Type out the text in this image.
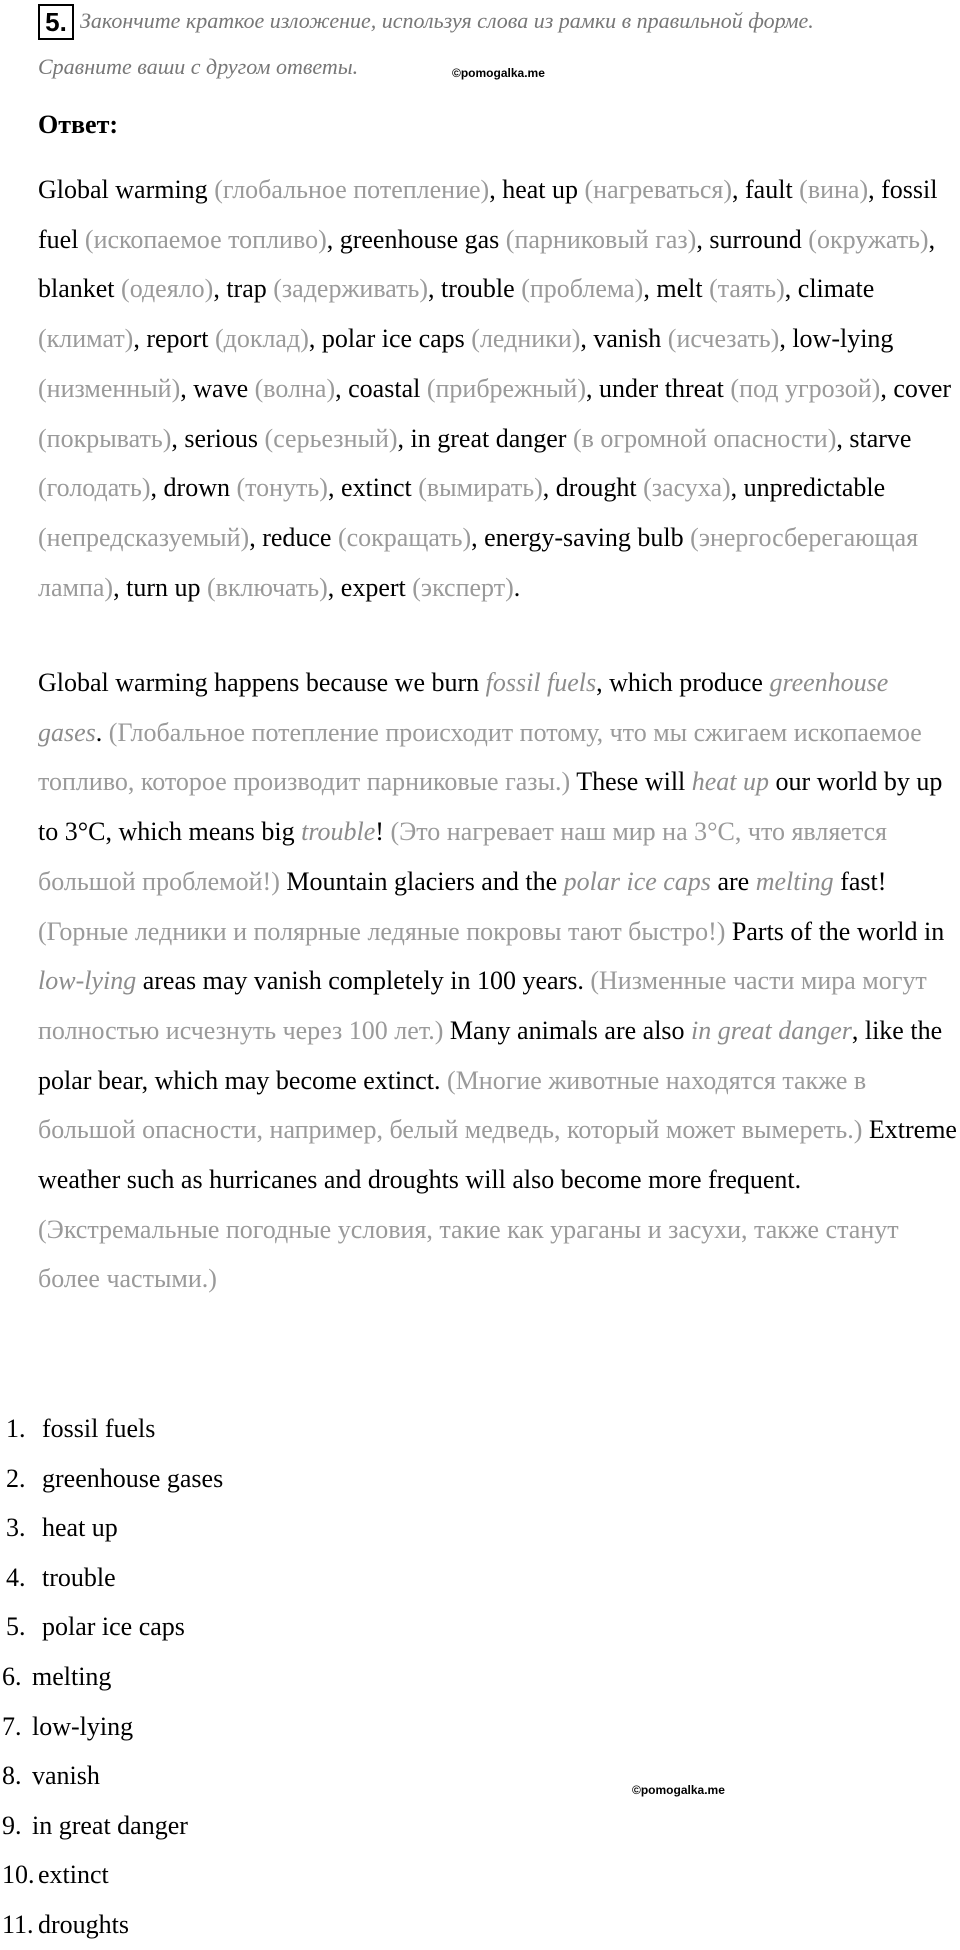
5. Закончите краткое изложение, используя слова из рамки в правильной форме.
Сравните ваши с другом ответы.	©pomogalka.me
Ответ:
Global warming (глобальное потепление), heat up (нагреваться), fault (вина), fossil fuel (ископаемое топливо), greenhouse gas (парниковый газ), surround (окружать), blanket (одеяло), trap (задерживать), trouble (проблема), melt (таять), climate (климат), report (доклад), polar ice caps (ледники), vanish (исчезать), low-lying (низменный), wave (волна), coastal (прибрежный), under threat (под угрозой), cover (покрывать), serious (серьезный), in great danger (в огромной опасности), starve (голодать), drown (тонуть), extinct (вымирать), drought (засуха), unpredictable (непредсказуемый), reduce (сокращать), energy-saving bulb (энергосберегающая лампа), turn up (включать), expert (эксперт).
Global warming happens because we burn fossil fuels, which produce greenhouse gases. (Глобальное потепление происходит потому, что мы сжигаем ископаемое топливо, которое производит парниковые газы.) These will heat up our world by up to 3°C, which means big trouble! (Это нагревает наш мир на 3°C, что является большой проблемой!) Mountain glaciers and the polar ice caps are melting fast! (Горные ледники и полярные ледяные покровы тают быстро!) Parts of the world in low-lying areas may vanish completely in 100 years. (Низменные части мира могут полностью исчезнуть через 100 лет.) Many animals are also in great danger, like the polar bear, which may become extinct. (Многие животные находятся также в большой опасности, например, белый медведь, который может вымереть.) Extreme weather such as hurricanes and droughts will also become more frequent. (Экстремальные погодные условия, такие как ураганы и засухи, также станут более частыми.)
1. fossil fuels
2. greenhouse gases
3. heat up
4. trouble
5. polar ice caps
6. melting
7. low-lying
8. vanish
9. in great danger
10. extinct
11. droughts
©pomogalka.me
